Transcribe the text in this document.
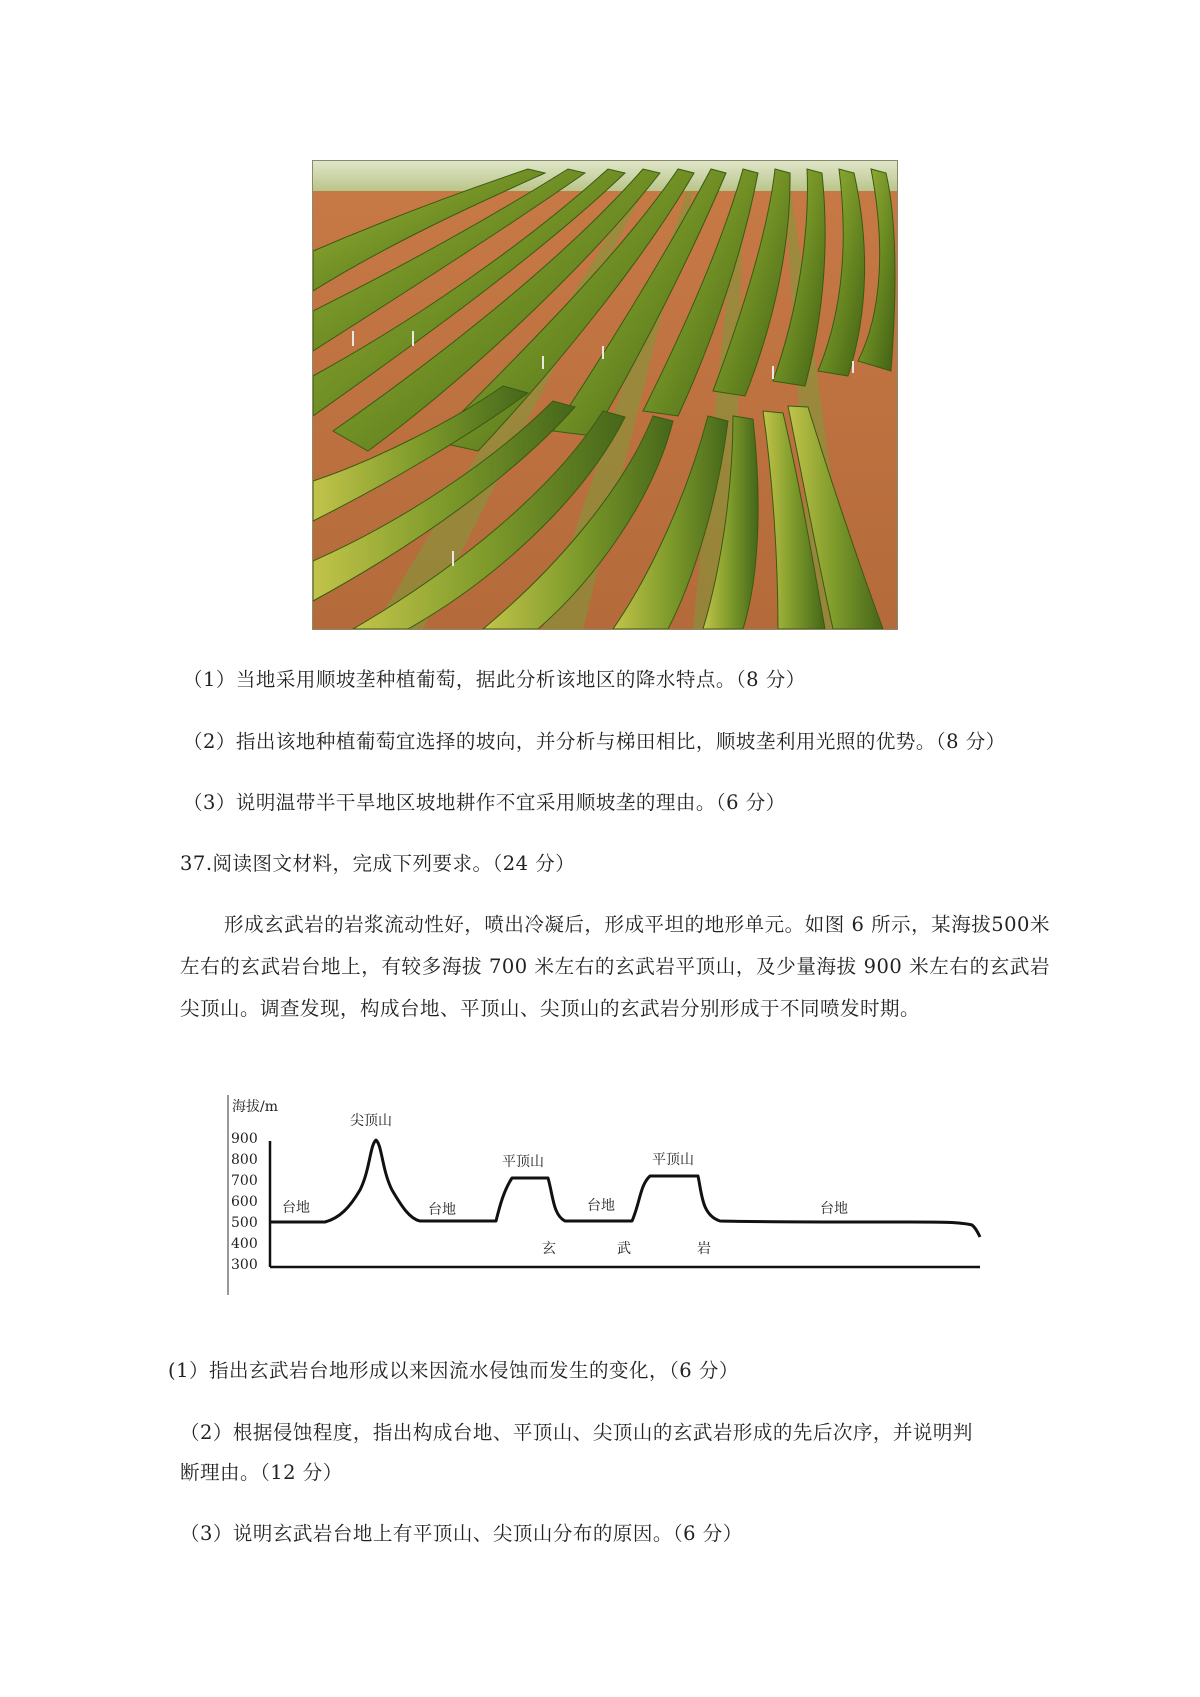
（1）当地采用顺坡垄种植葡萄，据此分析该地区的降水特点。（8 分）
（2）指出该地种植葡萄宜选择的坡向，并分析与梯田相比，顺坡垄利用光照的优势。（8 分）
（3）说明温带半干旱地区坡地耕作不宜采用顺坡垄的理由。（6 分）
37.阅读图文材料，完成下列要求。（24 分）
形成玄武岩的岩浆流动性好，喷出冷凝后，形成平坦的地形单元。如图 6 所示，某海拔500米左右的玄武岩台地上，有较多海拔 700 米左右的玄武岩平顶山，及少量海拔 900 米左右的玄武岩尖顶山。调查发现，构成台地、平顶山、尖顶山的玄武岩分别形成于不同喷发时期。
海拔/m
900
800
700
600
500
400
300
尖顶山
平顶山	平顶山
台地	台地	台地	台地
玄	武	岩
(1）指出玄武岩台地形成以来因流水侵蚀而发生的变化，（6 分）
（2）根据侵蚀程度，指出构成台地、平顶山、尖顶山的玄武岩形成的先后次序，并说明判
断理由。（12 分）
（3）说明玄武岩台地上有平顶山、尖顶山分布的原因。（6 分）
